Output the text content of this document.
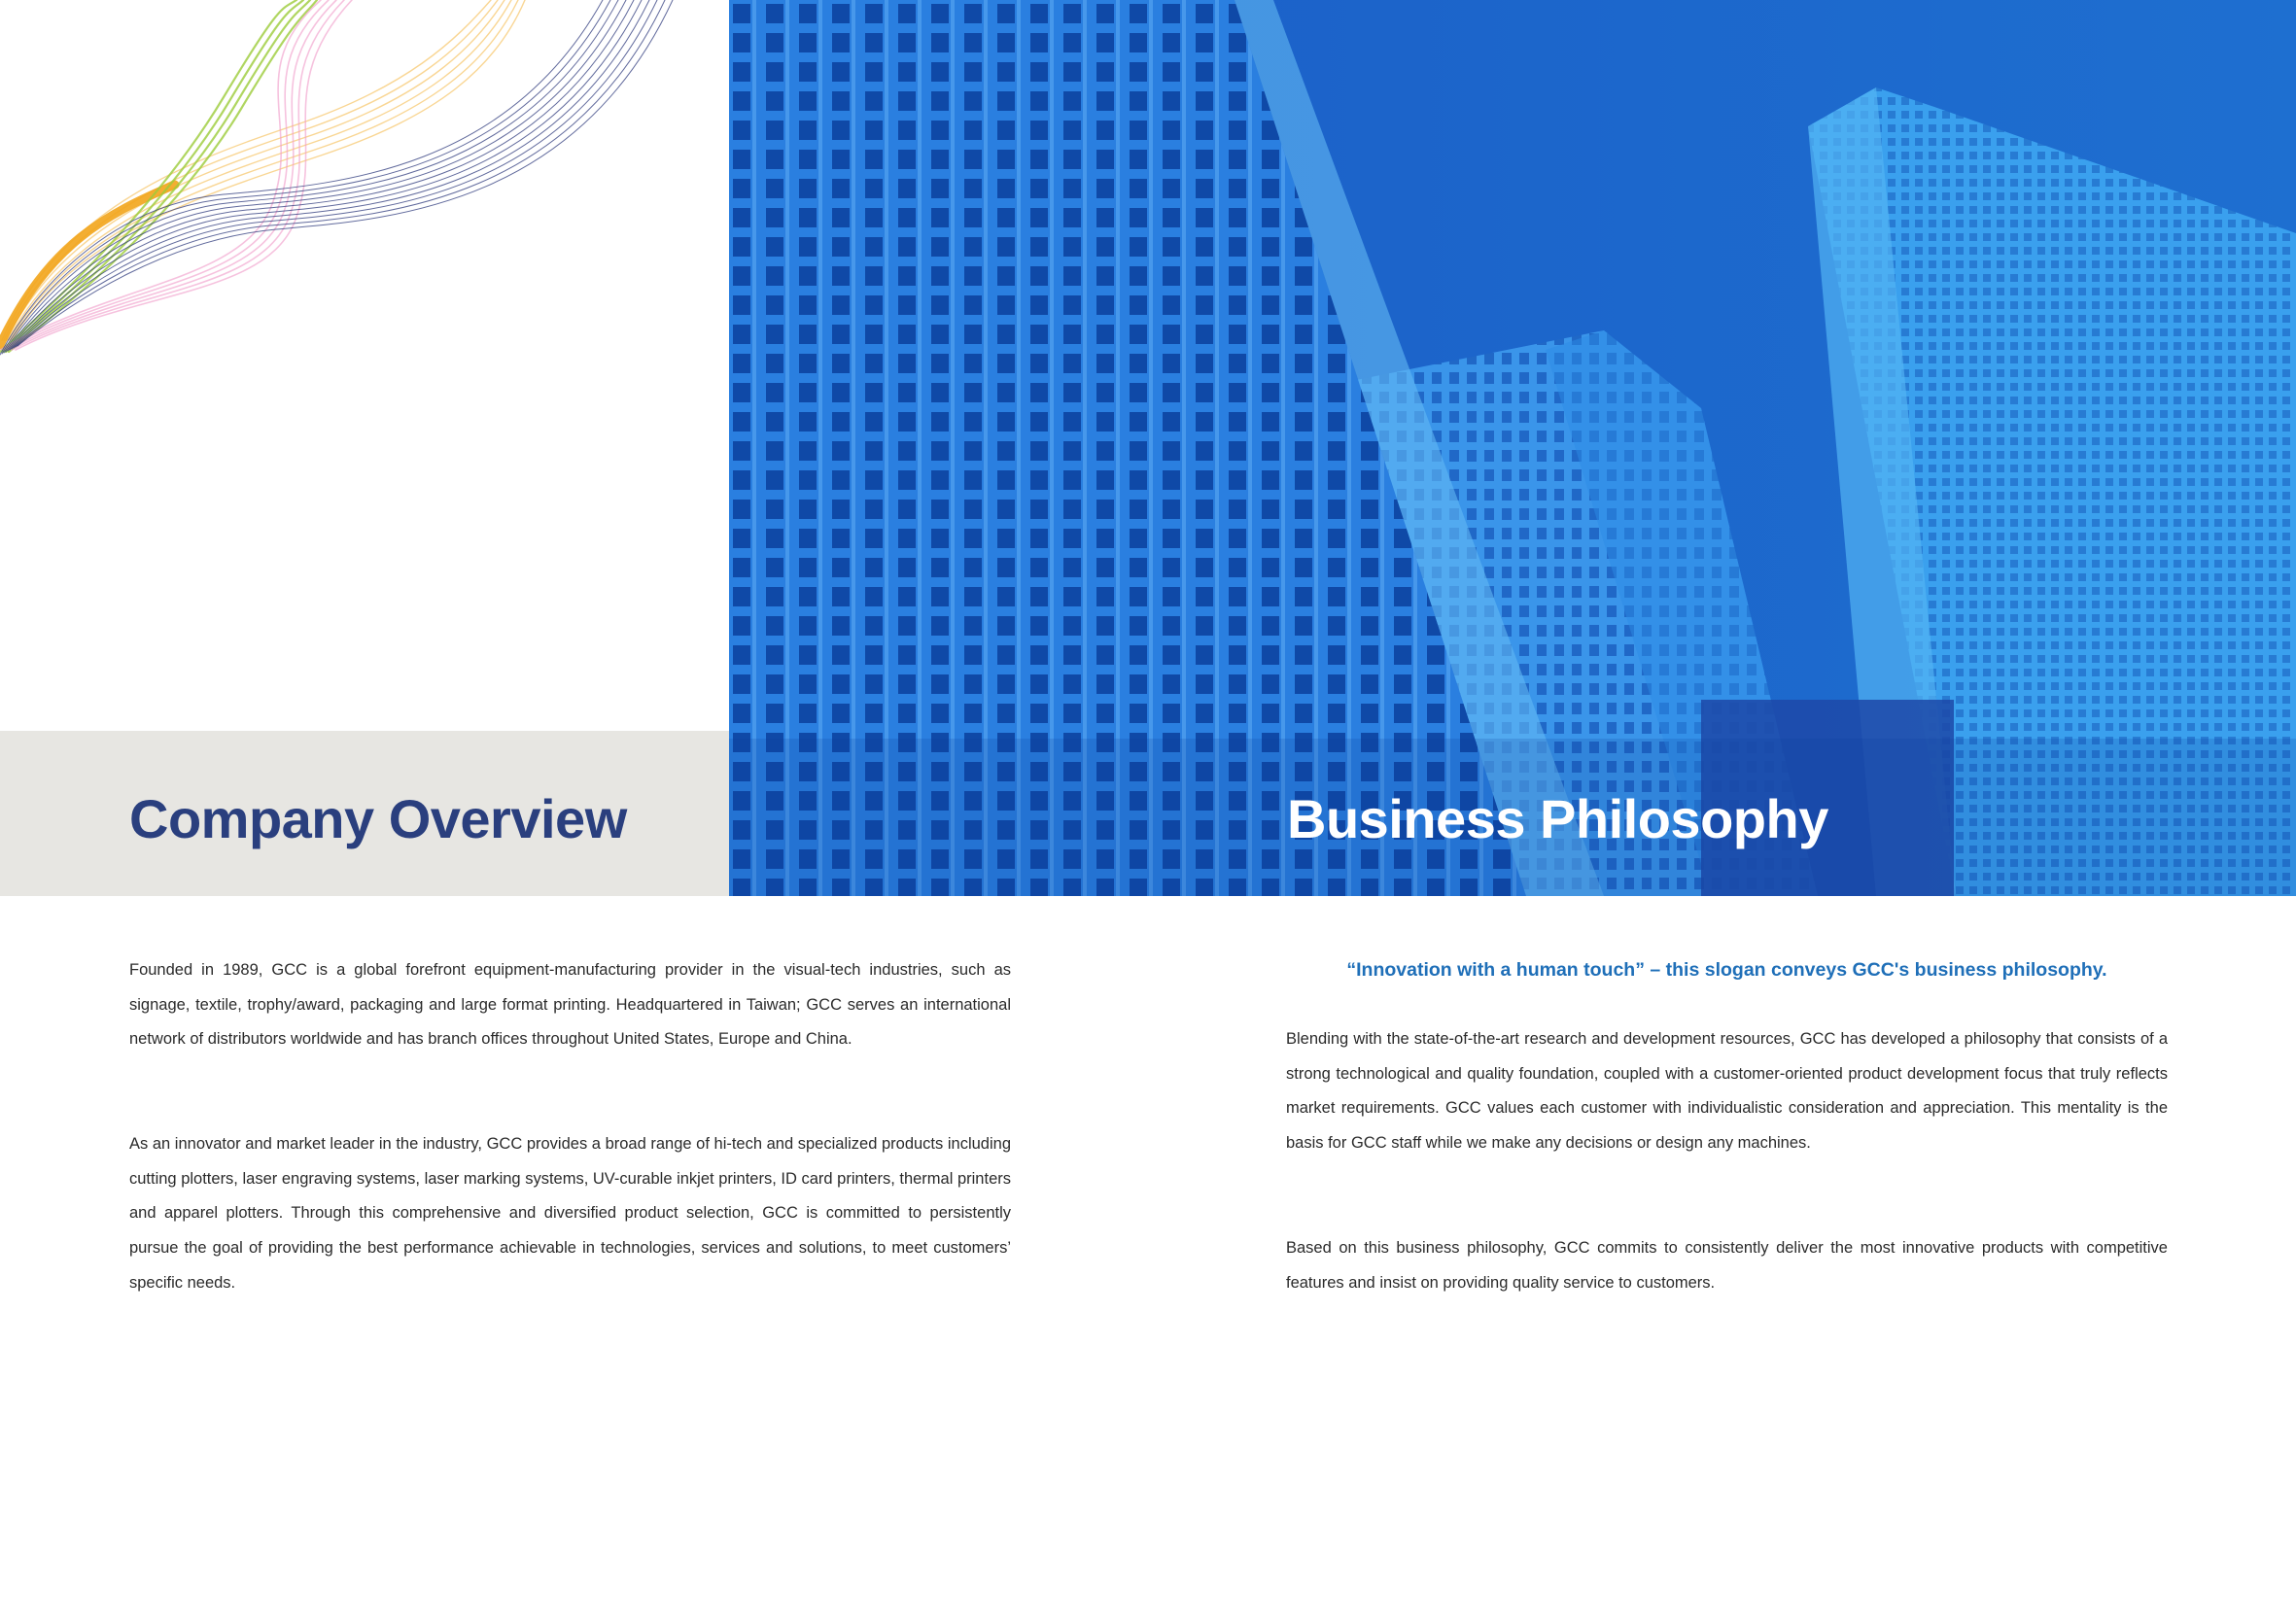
Company Overview	Business Philosophy

Founded in 1989, GCC is a global forefront equipment-manufacturing provider in the visual-tech industries, such as signage, textile, trophy/award, packaging and large format printing. Headquartered in Taiwan; GCC serves an international network of distributors worldwide and has branch offices throughout United States, Europe and China.

As an innovator and market leader in the industry, GCC provides a broad range of hi-tech and specialized products including cutting plotters, laser engraving systems, laser marking systems, UV-curable inkjet printers, ID card printers, thermal printers and apparel plotters. Through this comprehensive and diversified product selection, GCC is committed to persistently pursue the goal of providing the best performance achievable in technologies, services and solutions, to meet customers’ specific needs.

“Innovation with a human touch” – this slogan conveys GCC's business philosophy.

Blending with the state-of-the-art research and development resources, GCC has developed a philosophy that consists of a strong technological and quality foundation, coupled with a customer-oriented product development focus that truly reflects market requirements. GCC values each customer with individualistic consideration and appreciation. This mentality is the basis for GCC staff while we make any decisions or design any machines.

Based on this business philosophy, GCC commits to consistently deliver the most innovative products with competitive features and insist on providing quality service to customers.
